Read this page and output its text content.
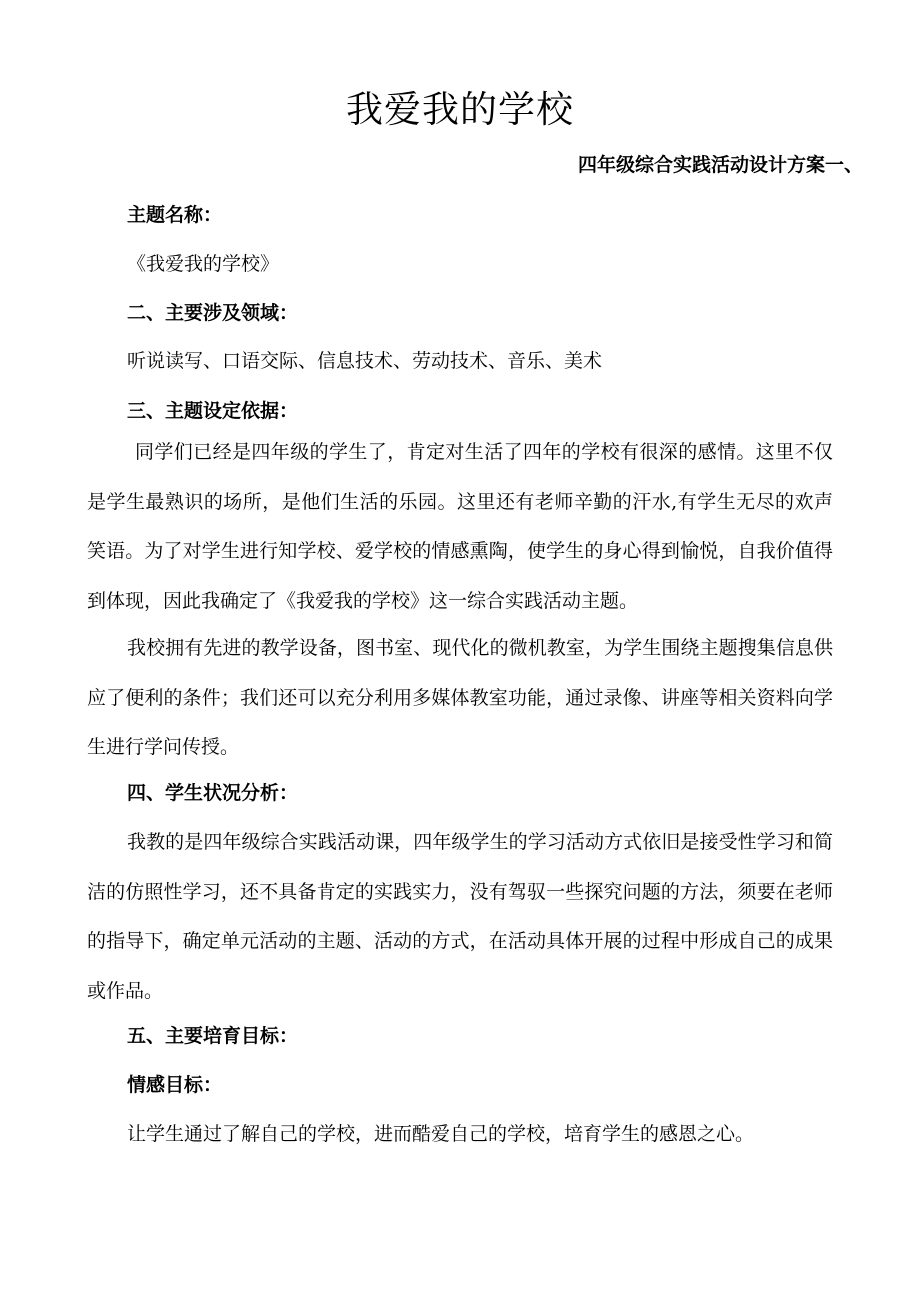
我爱我的学校

四年级综合实践活动设计方案一、

主题名称：

《我爱我的学校》

二、主要涉及领域：

听说读写、口语交际、信息技术、劳动技术、音乐、美术

三、主题设定依据：

同学们已经是四年级的学生了，肯定对生活了四年的学校有很深的感情。这里不仅是学生最熟识的场所，是他们生活的乐园。这里还有老师辛勤的汗水,有学生无尽的欢声笑语。为了对学生进行知学校、爱学校的情感熏陶，使学生的身心得到愉悦，自我价值得到体现，因此我确定了《我爱我的学校》这一综合实践活动主题。

我校拥有先进的教学设备，图书室、现代化的微机教室，为学生围绕主题搜集信息供应了便利的条件；我们还可以充分利用多媒体教室功能，通过录像、讲座等相关资料向学生进行学问传授。

四、学生状况分析：

我教的是四年级综合实践活动课，四年级学生的学习活动方式依旧是接受性学习和简洁的仿照性学习，还不具备肯定的实践实力，没有驾驭一些探究问题的方法，须要在老师的指导下，确定单元活动的主题、活动的方式，在活动具体开展的过程中形成自己的成果或作品。

五、主要培育目标：

情感目标：

让学生通过了解自己的学校，进而酷爱自己的学校，培育学生的感恩之心。
